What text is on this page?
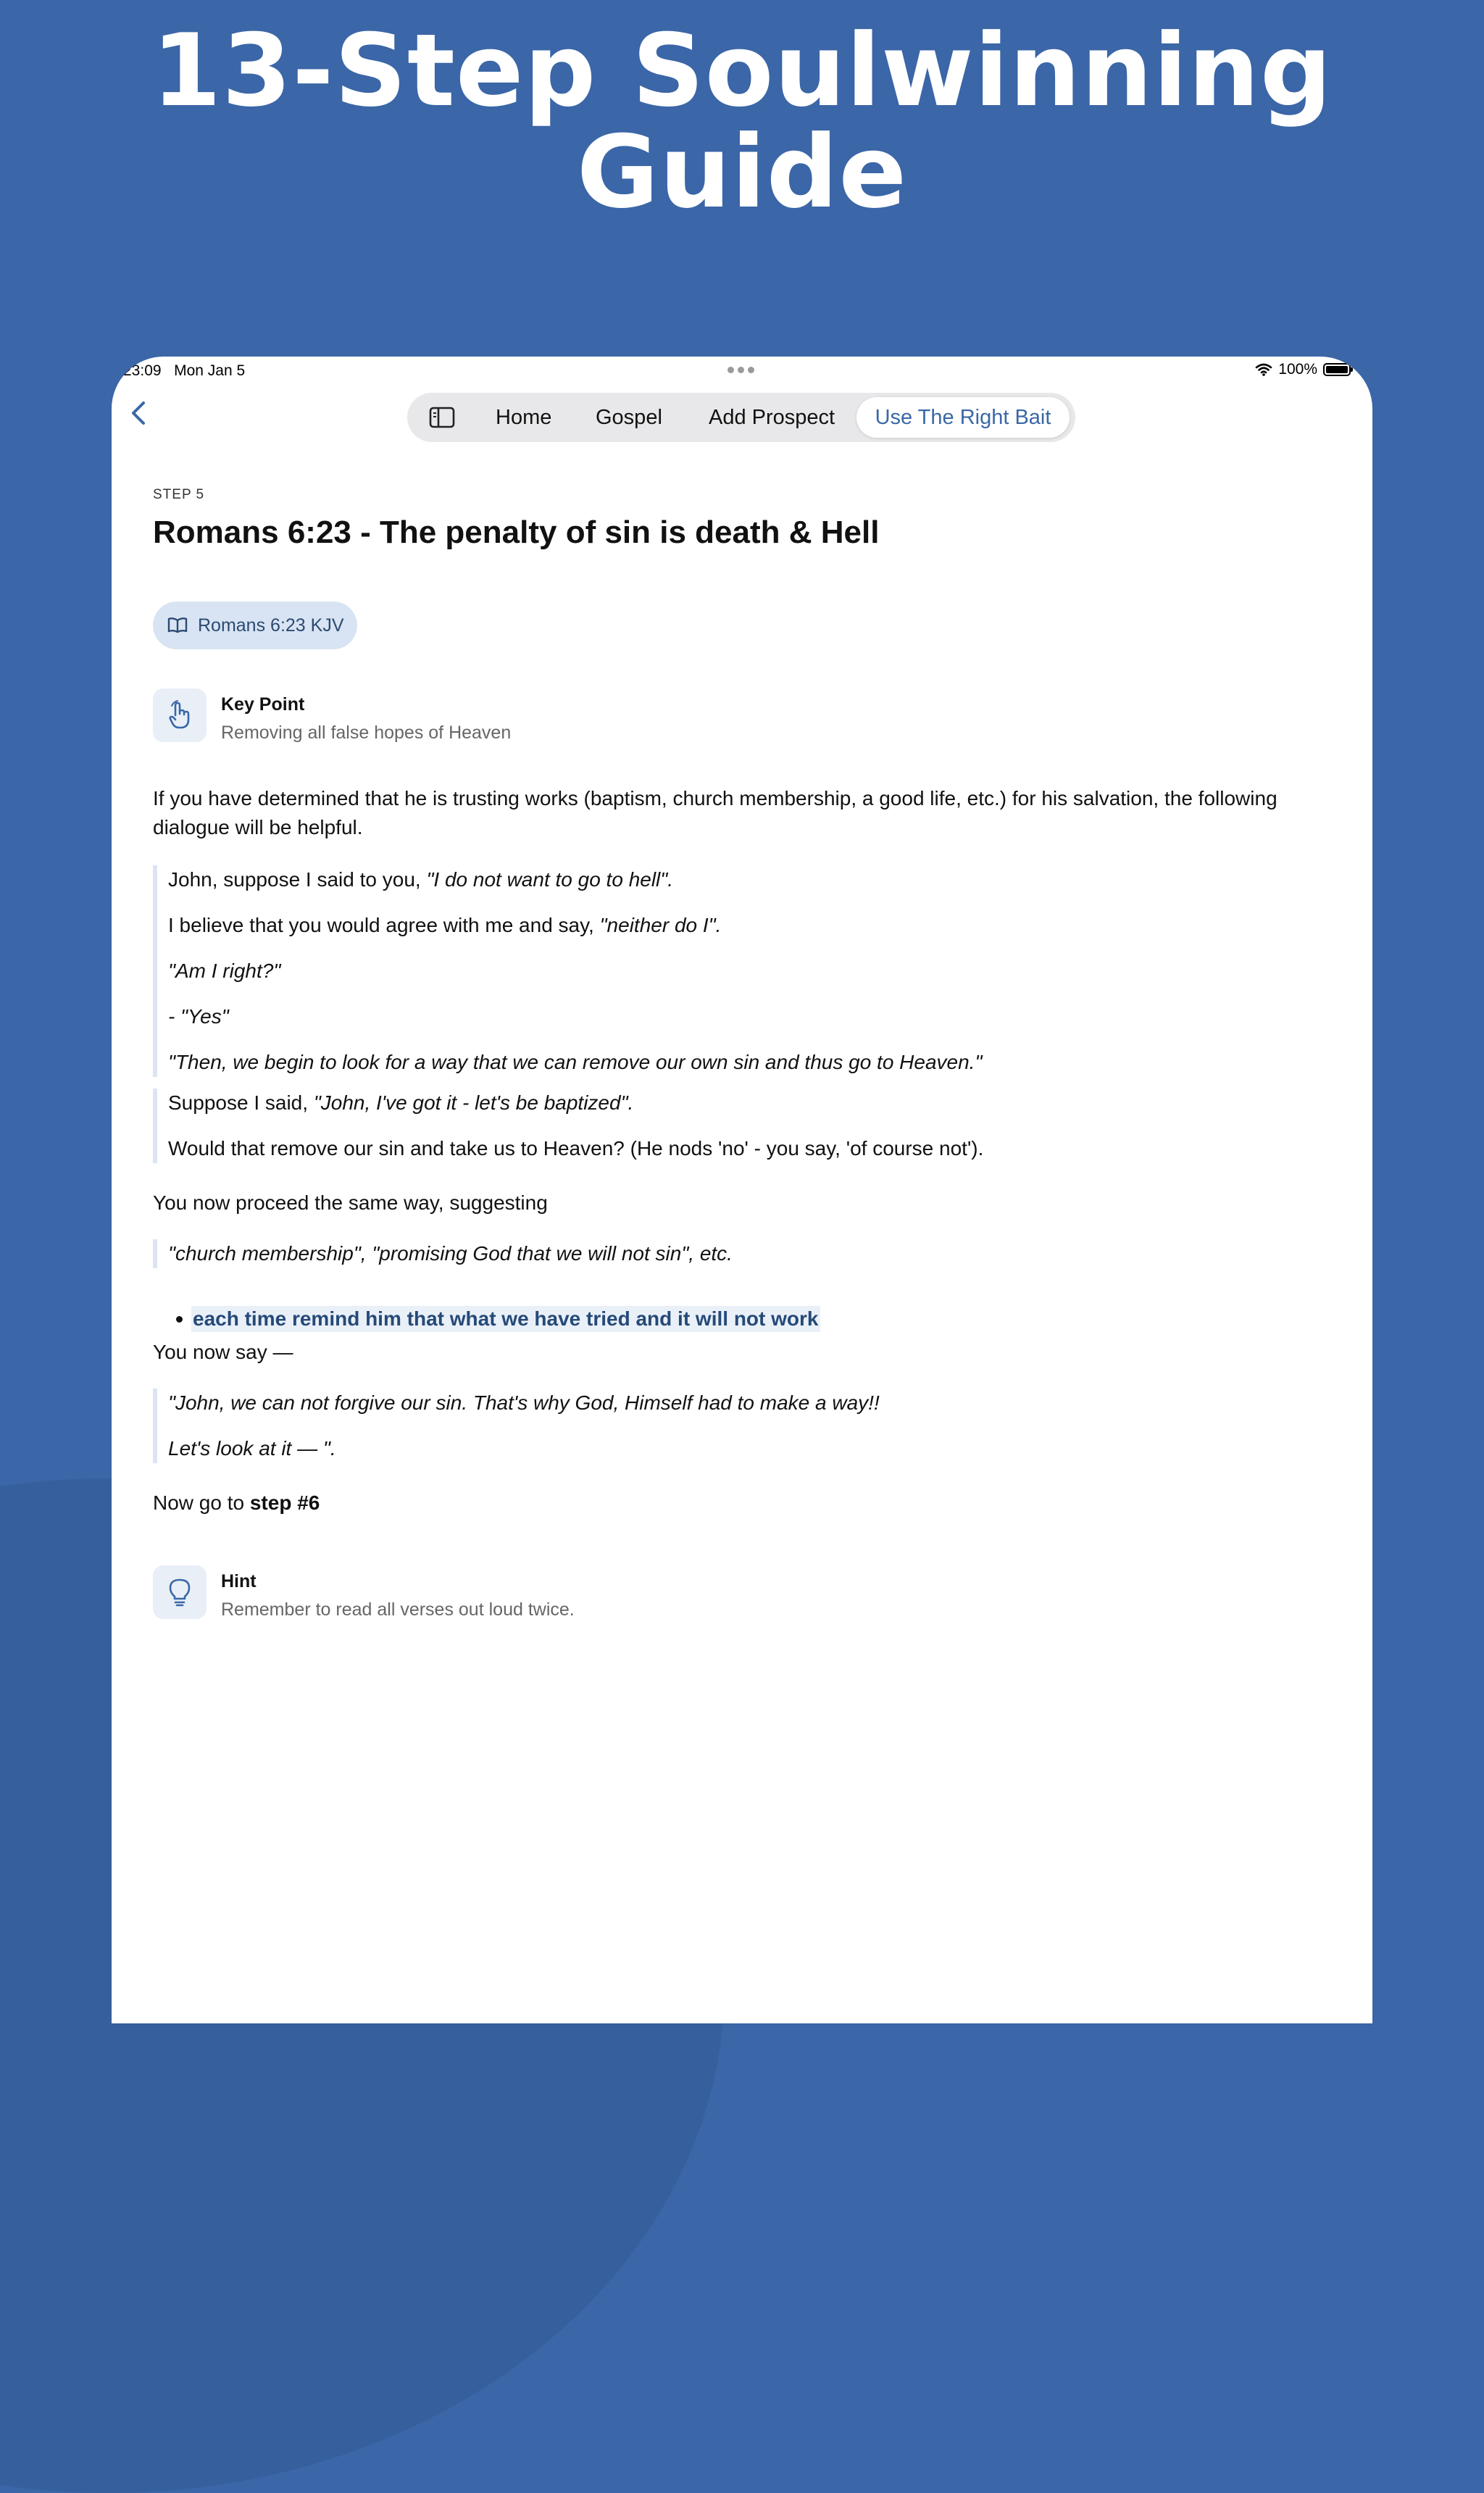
13-Step Soulwinning
Guide
23:09 Mon Jan 5	100%
Home Gospel Add Prospect	Use The Right Bait
STEP 5
Romans 6:23 - The penalty of sin is death & Hell
Romans 6:23 KJV
Key Point
Removing all false hopes of Heaven
If you have determined that he is trusting works (baptism, church membership, a good life, etc.) for his salvation, the following dialogue will be helpful.

John, suppose I said to you, "I do not want to go to hell".

I believe that you would agree with me and say, "neither do I".

"Am I right?"

- "Yes"

"Then, we begin to look for a way that we can remove our own sin and thus go to Heaven."

Suppose I said, "John, I've got it - let's be baptized".

Would that remove our sin and take us to Heaven? (He nods 'no' - you say, 'of course not').

You now proceed the same way, suggesting

"church membership", "promising God that we will not sin", etc.

each time remind him that what we have tried and it will not work
You now say —

"John, we can not forgive our sin. That's why God, Himself had to make a way!!

Let's look at it — ".

Now go to step #6
Hint
Remember to read all verses out loud twice.
